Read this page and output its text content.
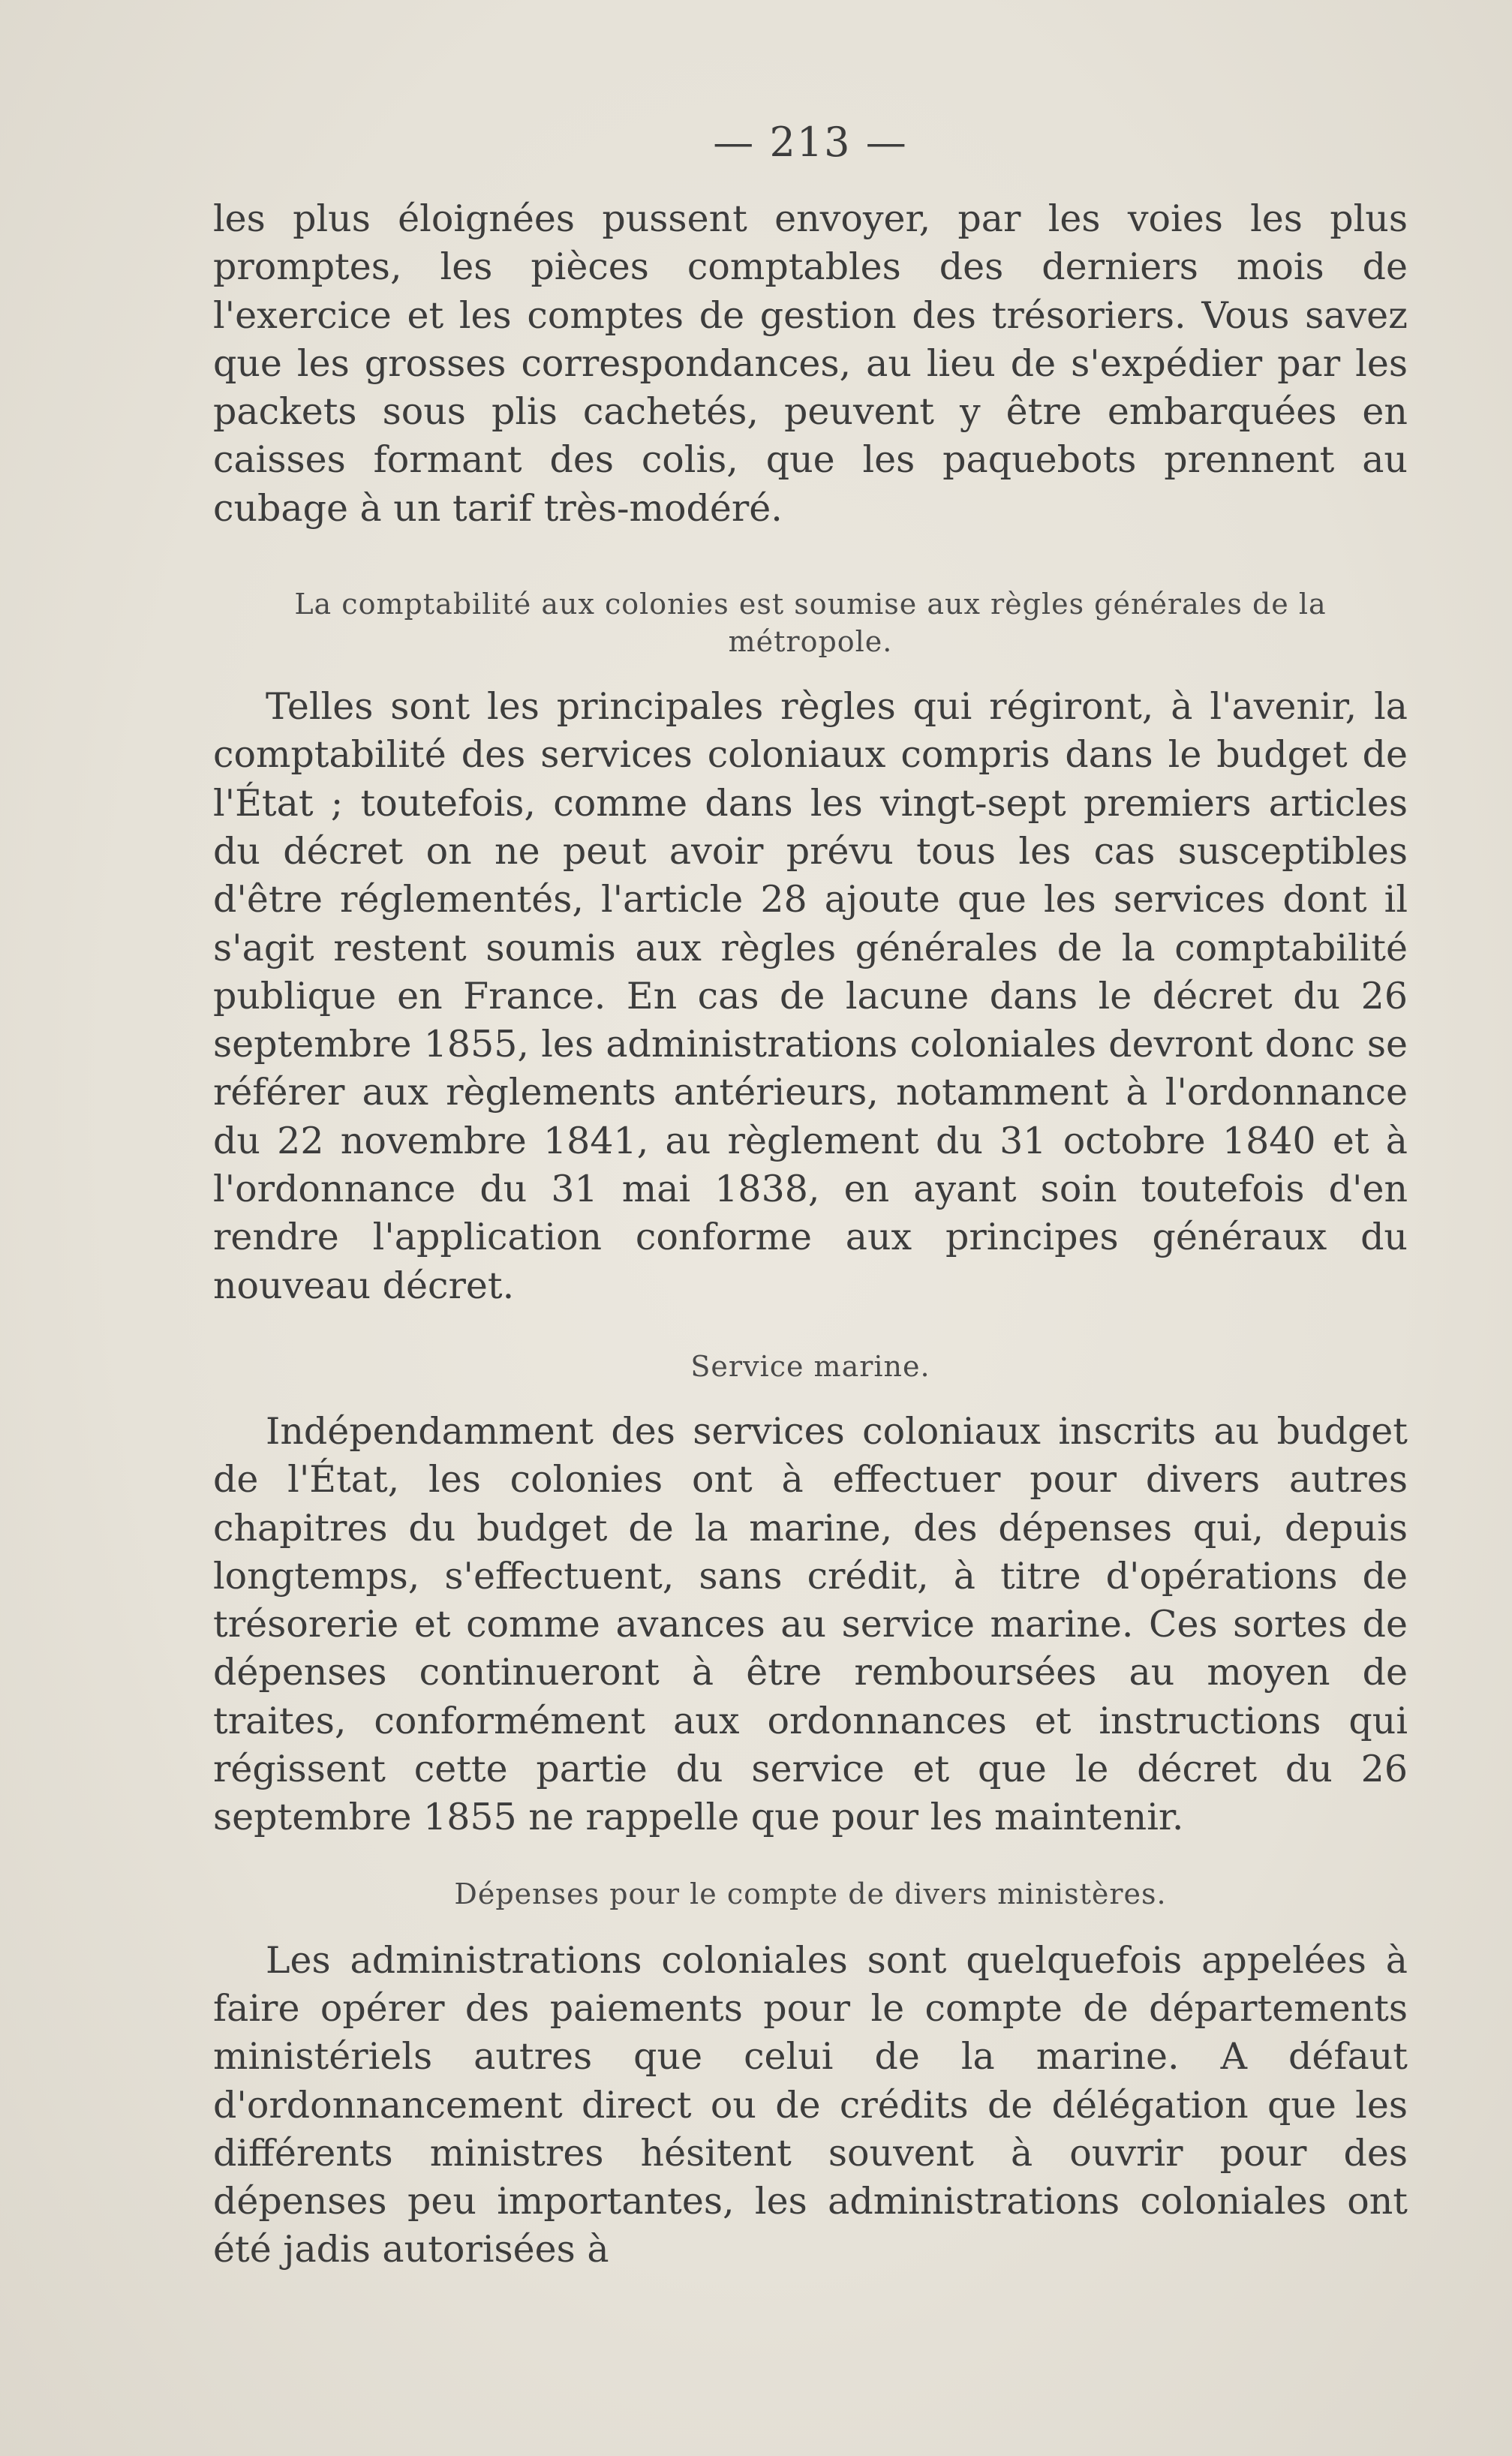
— 213 —

les plus éloignées pussent envoyer, par les voies les plus promptes, les pièces comptables des derniers mois de l'exercice et les comptes de gestion des trésoriers. Vous savez que les grosses correspondances, au lieu de s'expédier par les packets sous plis cachetés, peuvent y être embarquées en caisses formant des colis, que les paquebots prennent au cubage à un tarif très-modéré.

La comptabilité aux colonies est soumise aux règles générales de la métropole.

Telles sont les principales règles qui régiront, à l'avenir, la comptabilité des services coloniaux compris dans le budget de l'État ; toutefois, comme dans les vingt-sept premiers articles du décret on ne peut avoir prévu tous les cas susceptibles d'être réglementés, l'article 28 ajoute que les services dont il s'agit restent soumis aux règles générales de la comptabilité publique en France. En cas de lacune dans le décret du 26 septembre 1855, les administrations coloniales devront donc se référer aux règlements antérieurs, notamment à l'ordonnance du 22 novembre 1841, au règlement du 31 octobre 1840 et à l'ordonnance du 31 mai 1838, en ayant soin toutefois d'en rendre l'application conforme aux principes généraux du nouveau décret.

Service marine.

Indépendamment des services coloniaux inscrits au budget de l'État, les colonies ont à effectuer pour divers autres chapitres du budget de la marine, des dépenses qui, depuis longtemps, s'effectuent, sans crédit, à titre d'opérations de trésorerie et comme avances au service marine. Ces sortes de dépenses continueront à être remboursées au moyen de traites, conformément aux ordonnances et instructions qui régissent cette partie du service et que le décret du 26 septembre 1855 ne rappelle que pour les maintenir.

Dépenses pour le compte de divers ministères.

Les administrations coloniales sont quelquefois appelées à faire opérer des paiements pour le compte de départements ministériels autres que celui de la marine. A défaut d'ordonnancement direct ou de crédits de délégation que les différents ministres hésitent souvent à ouvrir pour des dépenses peu importantes, les administrations coloniales ont été jadis autorisées à
